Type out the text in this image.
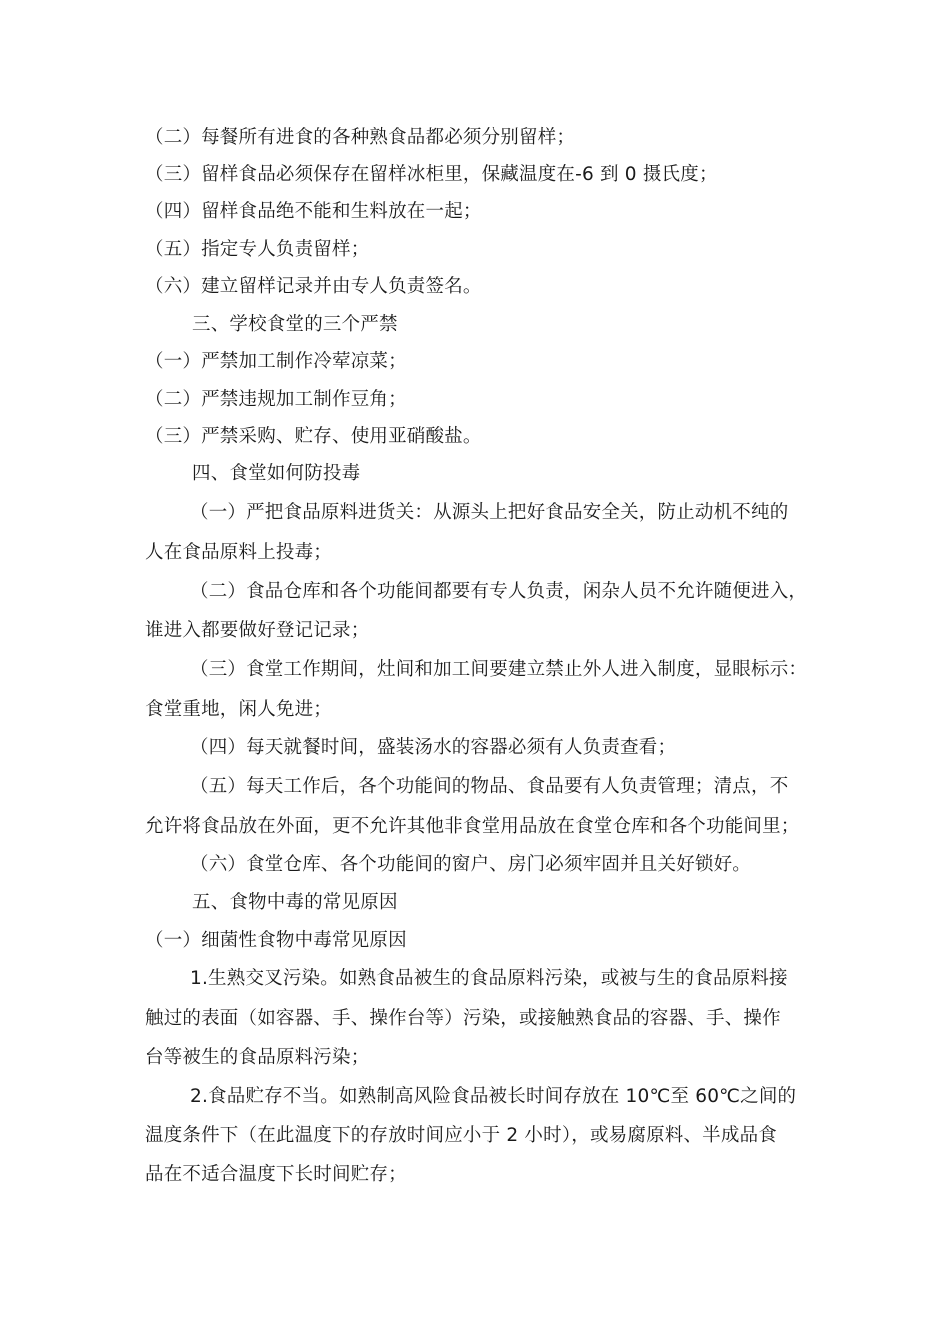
（二）每餐所有进食的各种熟食品都必须分别留样；
（三）留样食品必须保存在留样冰柜里，保藏温度在-6 到 0 摄氏度；
（四）留样食品绝不能和生料放在一起；
（五）指定专人负责留样；
（六）建立留样记录并由专人负责签名。
三、学校食堂的三个严禁
（一）严禁加工制作冷荤凉菜；
（二）严禁违规加工制作豆角；
（三）严禁采购、贮存、使用亚硝酸盐。
四、食堂如何防投毒
（一）严把食品原料进货关：从源头上把好食品安全关，防止动机不纯的
人在食品原料上投毒；
（二）食品仓库和各个功能间都要有专人负责，闲杂人员不允许随便进入，
谁进入都要做好登记记录；
（三）食堂工作期间，灶间和加工间要建立禁止外人进入制度，显眼标示：
食堂重地，闲人免进；
（四）每天就餐时间，盛装汤水的容器必须有人负责查看；
（五）每天工作后，各个功能间的物品、食品要有人负责管理；清点，不
允许将食品放在外面，更不允许其他非食堂用品放在食堂仓库和各个功能间里；
（六）食堂仓库、各个功能间的窗户、房门必须牢固并且关好锁好。
五、食物中毒的常见原因
（一）细菌性食物中毒常见原因
1.生熟交叉污染。如熟食品被生的食品原料污染，或被与生的食品原料接
触过的表面（如容器、手、操作台等）污染，或接触熟食品的容器、手、操作
台等被生的食品原料污染；
2.食品贮存不当。如熟制高风险食品被长时间存放在 10℃至 60℃之间的
温度条件下（在此温度下的存放时间应小于 2 小时），或易腐原料、半成品食
品在不适合温度下长时间贮存；
